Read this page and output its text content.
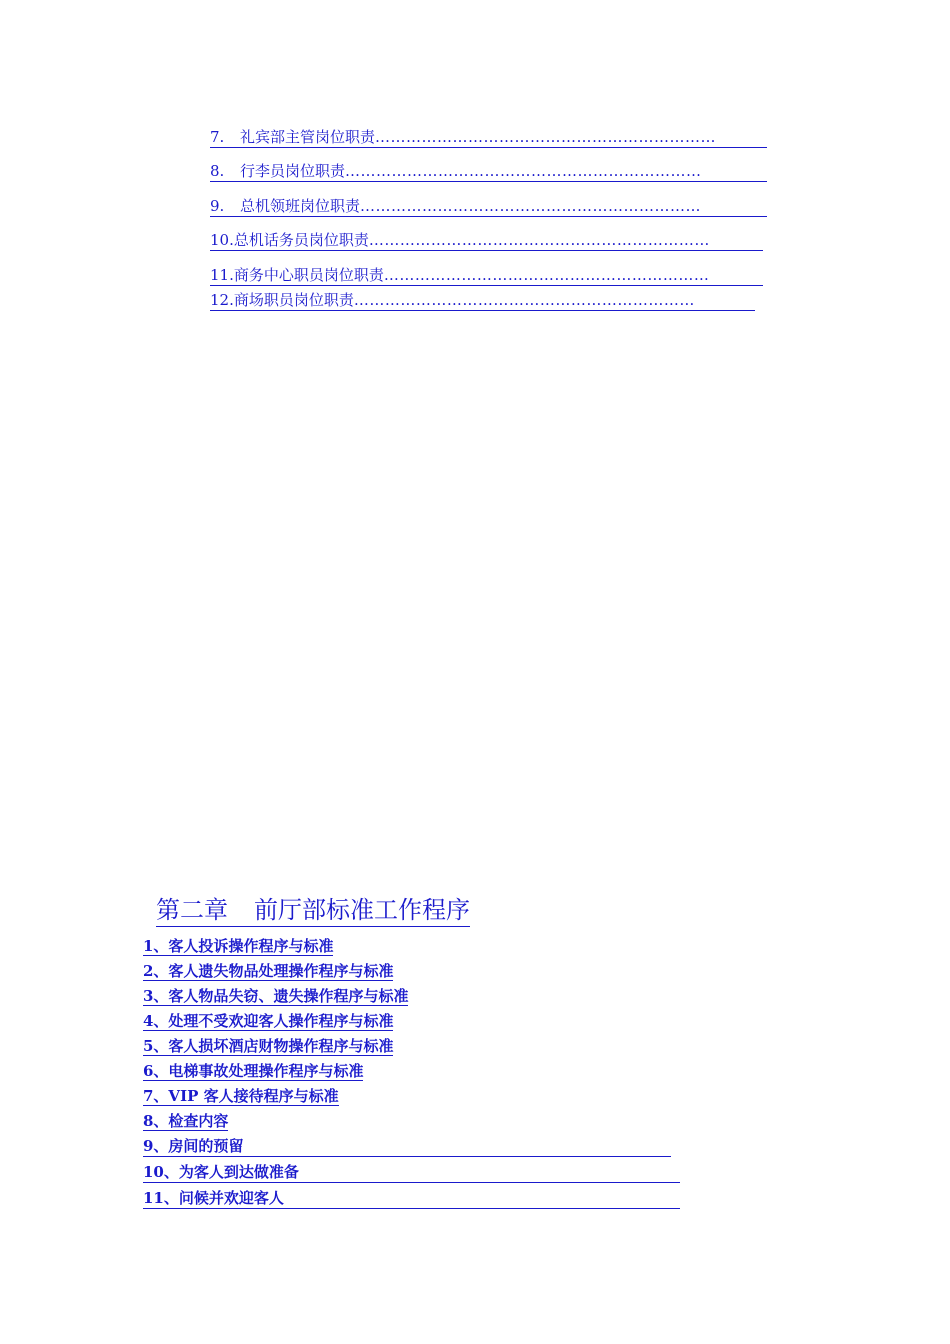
7. 礼宾部主管岗位职责…………………………………………………………
8. 行李员岗位职责……………………………………………………………
9. 总机领班岗位职责…………………………………………………………
10.总机话务员岗位职责…………………………………………………………
11.商务中心职员岗位职责………………………………………………………
12.商场职员岗位职责…………………………………………………………
第二章 前厅部标准工作程序
1、客人投诉操作程序与标准
2、客人遗失物品处理操作程序与标准
3、客人物品失窃、遗失操作程序与标准
4、处理不受欢迎客人操作程序与标准
5、客人损坏酒店财物操作程序与标准
6、电梯事故处理操作程序与标准
7、VIP 客人接待程序与标准
8、检查内容
9、房间的预留
10、为客人到达做准备
11、问候并欢迎客人
